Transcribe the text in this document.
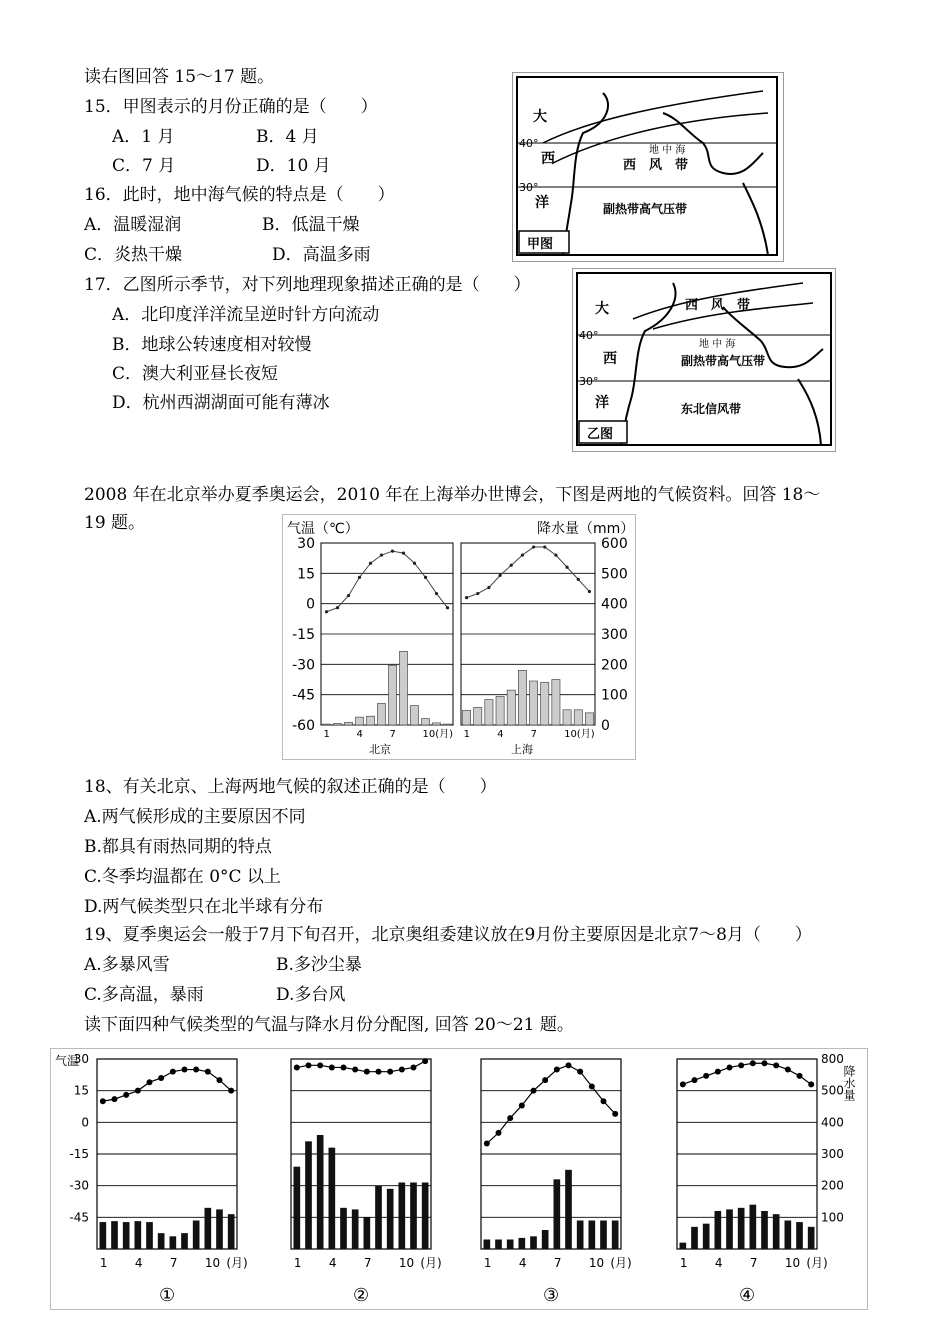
读右图回答 15～17 题。
15．甲图表示的月份正确的是（　　）
A．1 月	B．4 月
C．7 月	D．10 月
16．此时，地中海气候的特点是（　　）
A．温暖湿润	B．低温干燥
C．炎热干燥	D．高温多雨
17．乙图所示季节，对下列地理现象描述正确的是（　　）
A．北印度洋洋流呈逆时针方向流动
B．地球公转速度相对较慢
C．澳大利亚昼长夜短
D．杭州西湖湖面可能有薄冰
大
40°
西
30°
洋
西　风　带
地 中 海
副热带高气压带
甲图
大
40°
西
30°
洋
西　风　带
地 中 海
副热带高气压带
东北信风带
乙图
2008 年在北京举办夏季奥运会，2010 年在上海举办世博会，下图是两地的气候资料。回答 18～
19 题。	气温（℃）	降水量（mm）
30
15
0
-15
-30
-45
-60
600
500
400
300
200
100
0
1	4	7	10(月) 1	4	7	10(月)
北京	上海
18、有关北京、上海两地气候的叙述正确的是（　　）
A.两气候形成的主要原因不同
B.都具有雨热同期的特点
C.冬季均温都在 0°C 以上
D.两气候类型只在北半球有分布
19、夏季奥运会一般于7月下旬召开，北京奥组委建议放在9月份主要原因是北京7～8月（　　）
A.多暴风雪	B.多沙尘暴
C.多高温，暴雨	D.多台风
读下面四种气候类型的气温与降水月份分配图, 回答 20～21 题。
气温
降水量
30
15
0
-15
-30
-45
800
500
400
300
200
100
1 4 7 10 (月)
①
1 4 7 10 (月)
②
1 4 7 10 (月)
③
1 4 7 10 (月)
④
